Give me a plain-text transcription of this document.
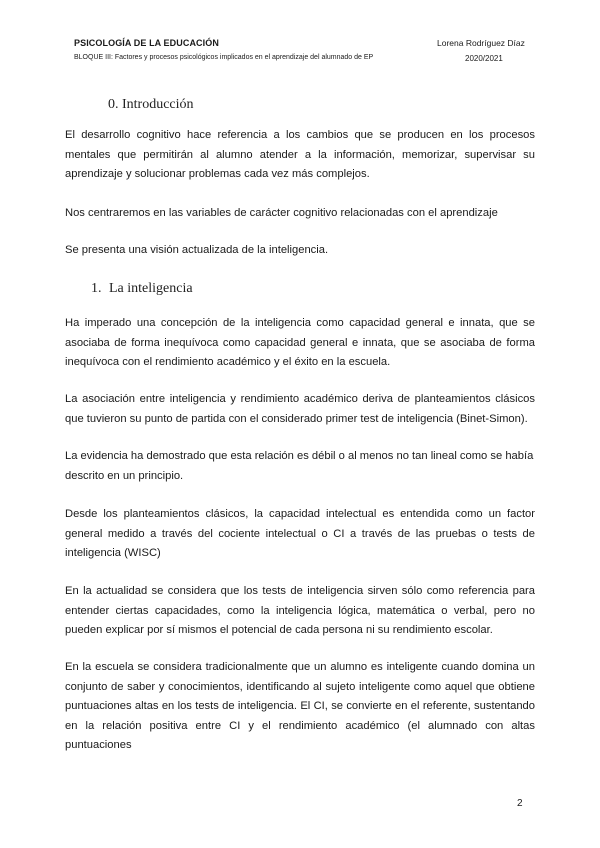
PSICOLOGÍA DE LA EDUCACIÓN	Lorena Rodríguez Díaz
BLOQUE III: Factores y procesos psicológicos implicados en el aprendizaje del alumnado de EP	2020/2021
0. Introducción

El desarrollo cognitivo hace referencia a los cambios que se producen en los procesos mentales que permitirán al alumno atender a la información, memorizar, supervisar su aprendizaje y solucionar problemas cada vez más complejos.

Nos centraremos en las variables de carácter cognitivo relacionadas con el aprendizaje

Se presenta una visión actualizada de la inteligencia.

1. La inteligencia

Ha imperado una concepción de la inteligencia como capacidad general e innata, que se asociaba de forma inequívoca como capacidad general e innata, que se asociaba de forma inequívoca con el rendimiento académico y el éxito en la escuela.

La asociación entre inteligencia y rendimiento académico deriva de planteamientos clásicos que tuvieron su punto de partida con el considerado primer test de inteligencia (Binet-Simon).

La evidencia ha demostrado que esta relación es débil o al menos no tan lineal como se había descrito en un principio.

Desde los planteamientos clásicos, la capacidad intelectual es entendida como un factor general medido a través del cociente intelectual o CI a través de las pruebas o tests de inteligencia (WISC)

En la actualidad se considera que los tests de inteligencia sirven sólo como referencia para entender ciertas capacidades, como la inteligencia lógica, matemática o verbal, pero no pueden explicar por sí mismos el potencial de cada persona ni su rendimiento escolar.

En la escuela se considera tradicionalmente que un alumno es inteligente cuando domina un conjunto de saber y conocimientos, identificando al sujeto inteligente como aquel que obtiene puntuaciones altas en los tests de inteligencia. El CI, se convierte en el referente, sustentando en la relación positiva entre CI y el rendimiento académico (el alumnado con altas puntuaciones

2
